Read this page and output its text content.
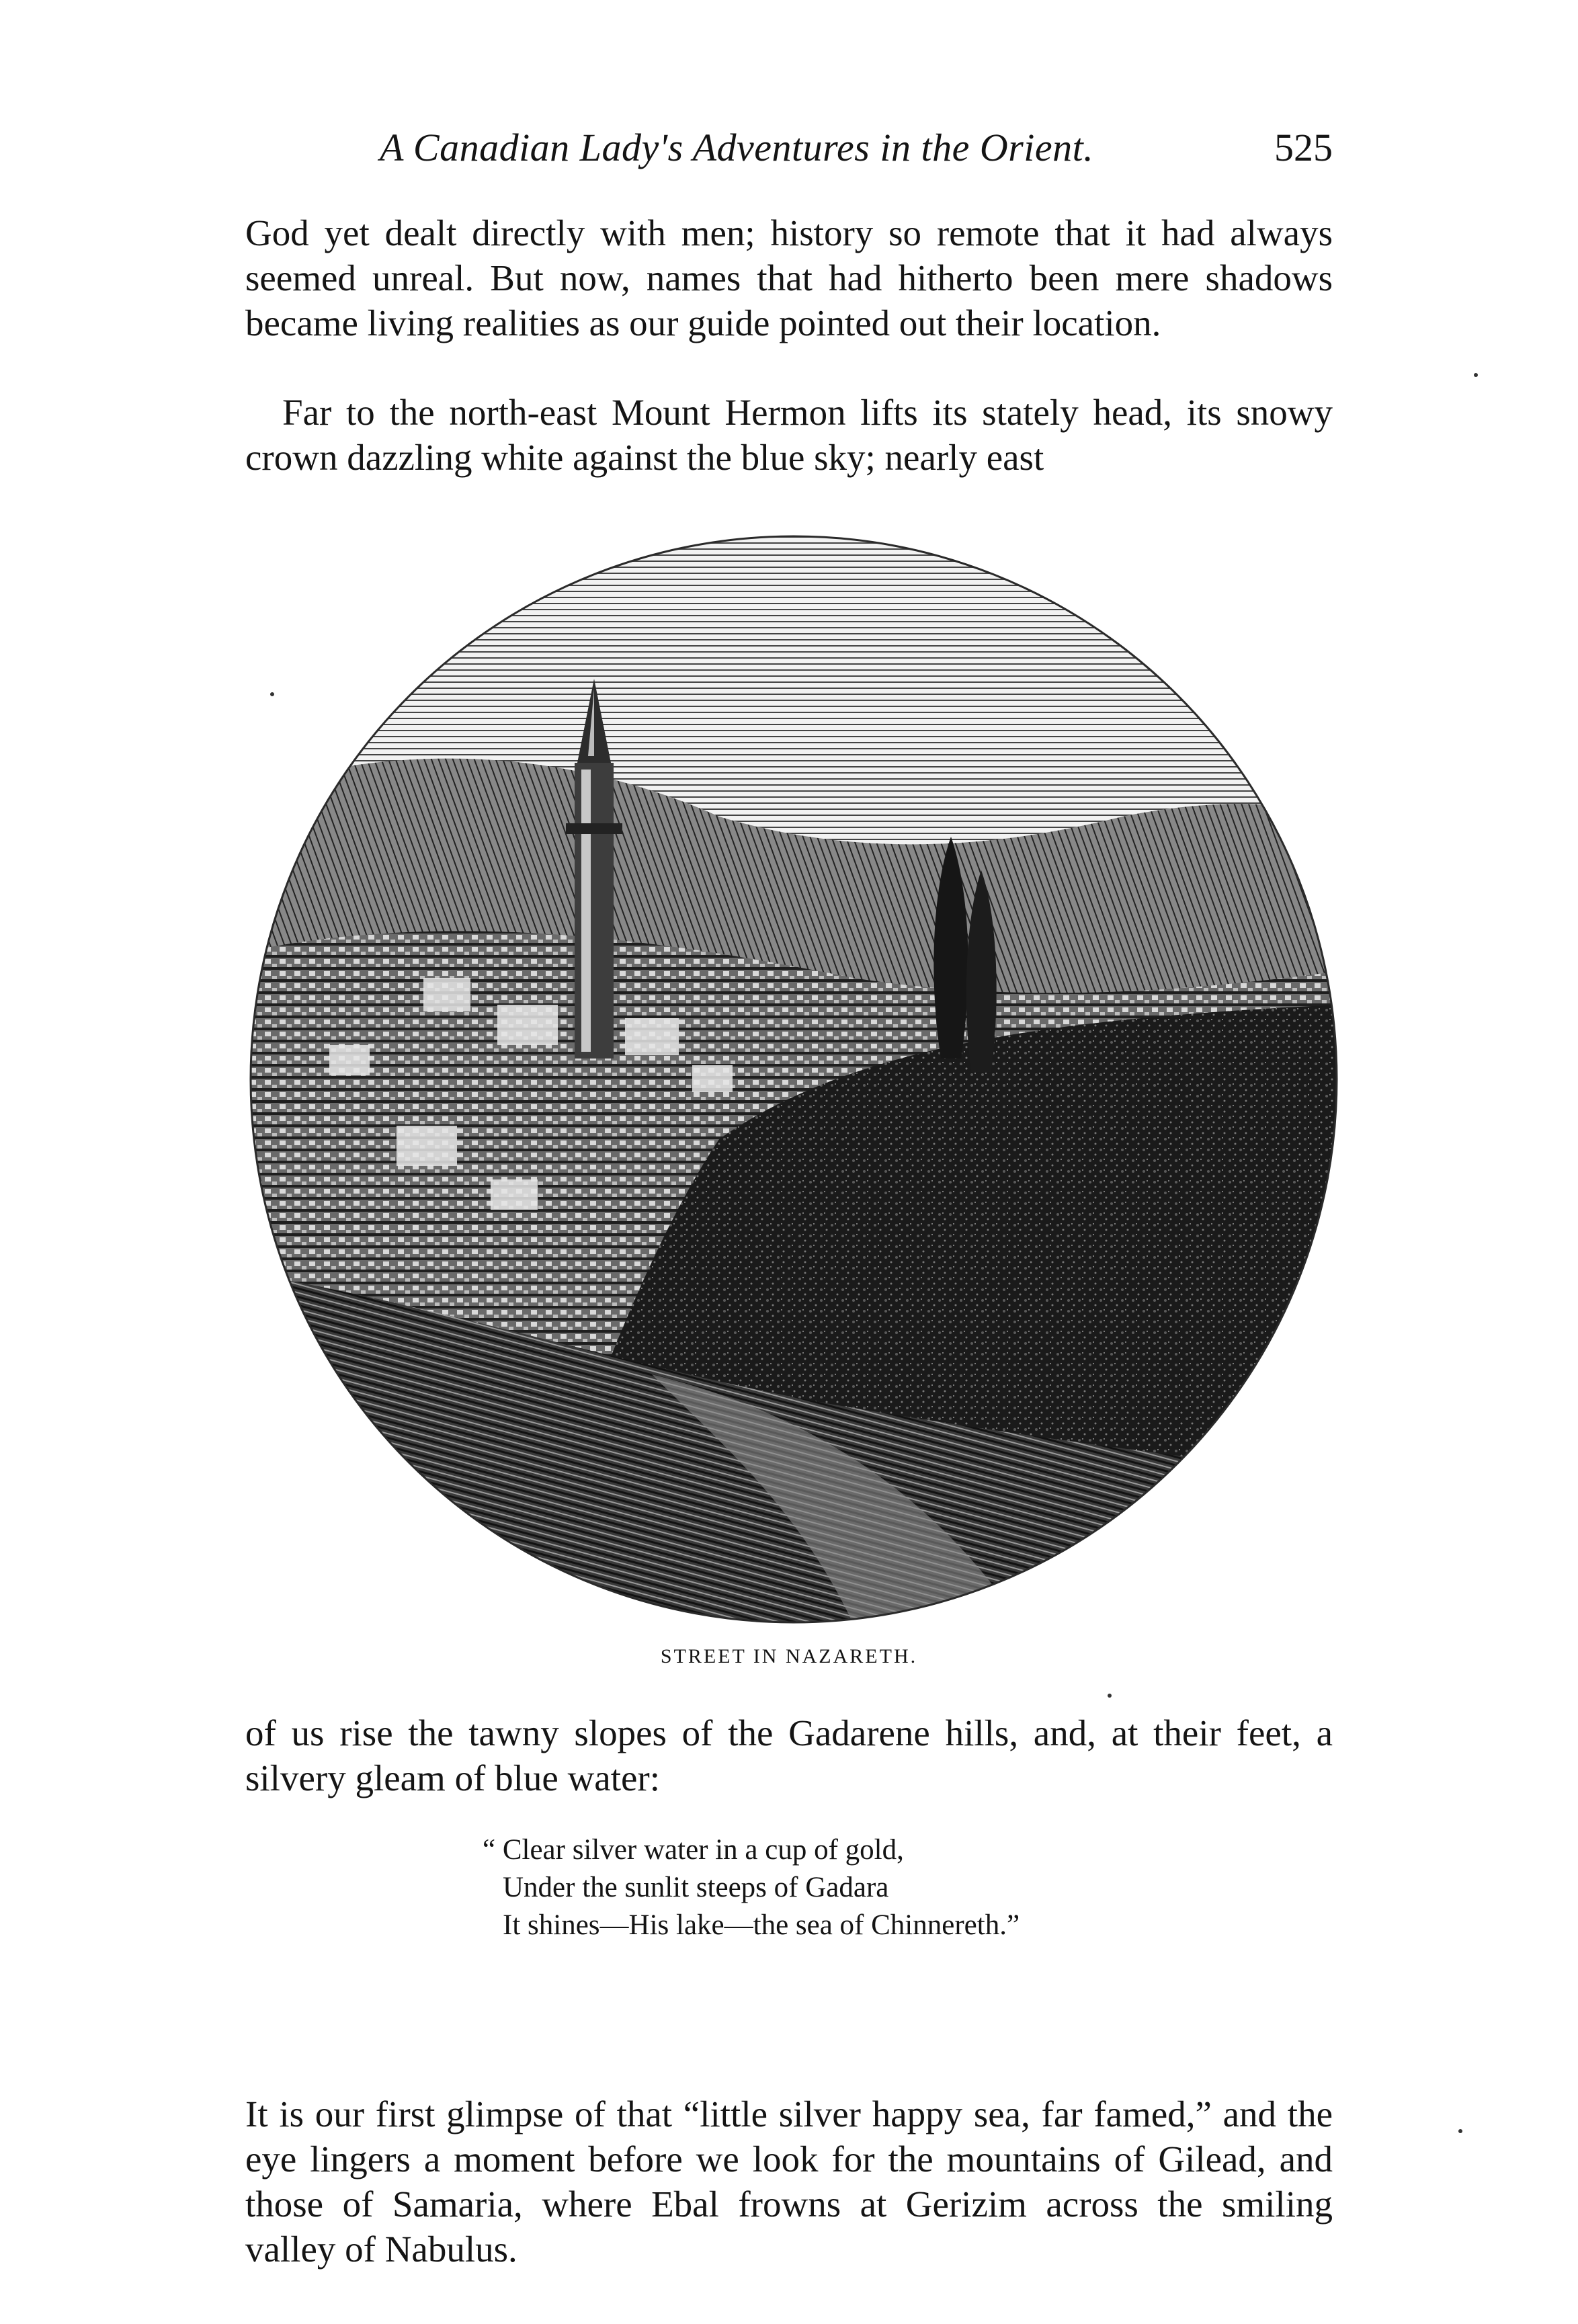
A Canadian Lady's Adventures in the Orient.	525

God yet dealt directly with men; history so remote that it had always seemed unreal. But now, names that had hitherto been mere shadows became living realities as our guide pointed out their location.

Far to the north-east Mount Hermon lifts its stately head, its snowy crown dazzling white against the blue sky; nearly east

STREET IN NAZARETH.

of us rise the tawny slopes of the Gadarene hills, and, at their feet, a silvery gleam of blue water:

“ Clear silver water in a cup of gold,
Under the sunlit steeps of Gadara
It shines—His lake—the sea of Chinnereth.”

It is our first glimpse of that “little silver happy sea, far famed,” and the eye lingers a moment before we look for the mountains of Gilead, and those of Samaria, where Ebal frowns at Gerizim across the smiling valley of Nabulus.
